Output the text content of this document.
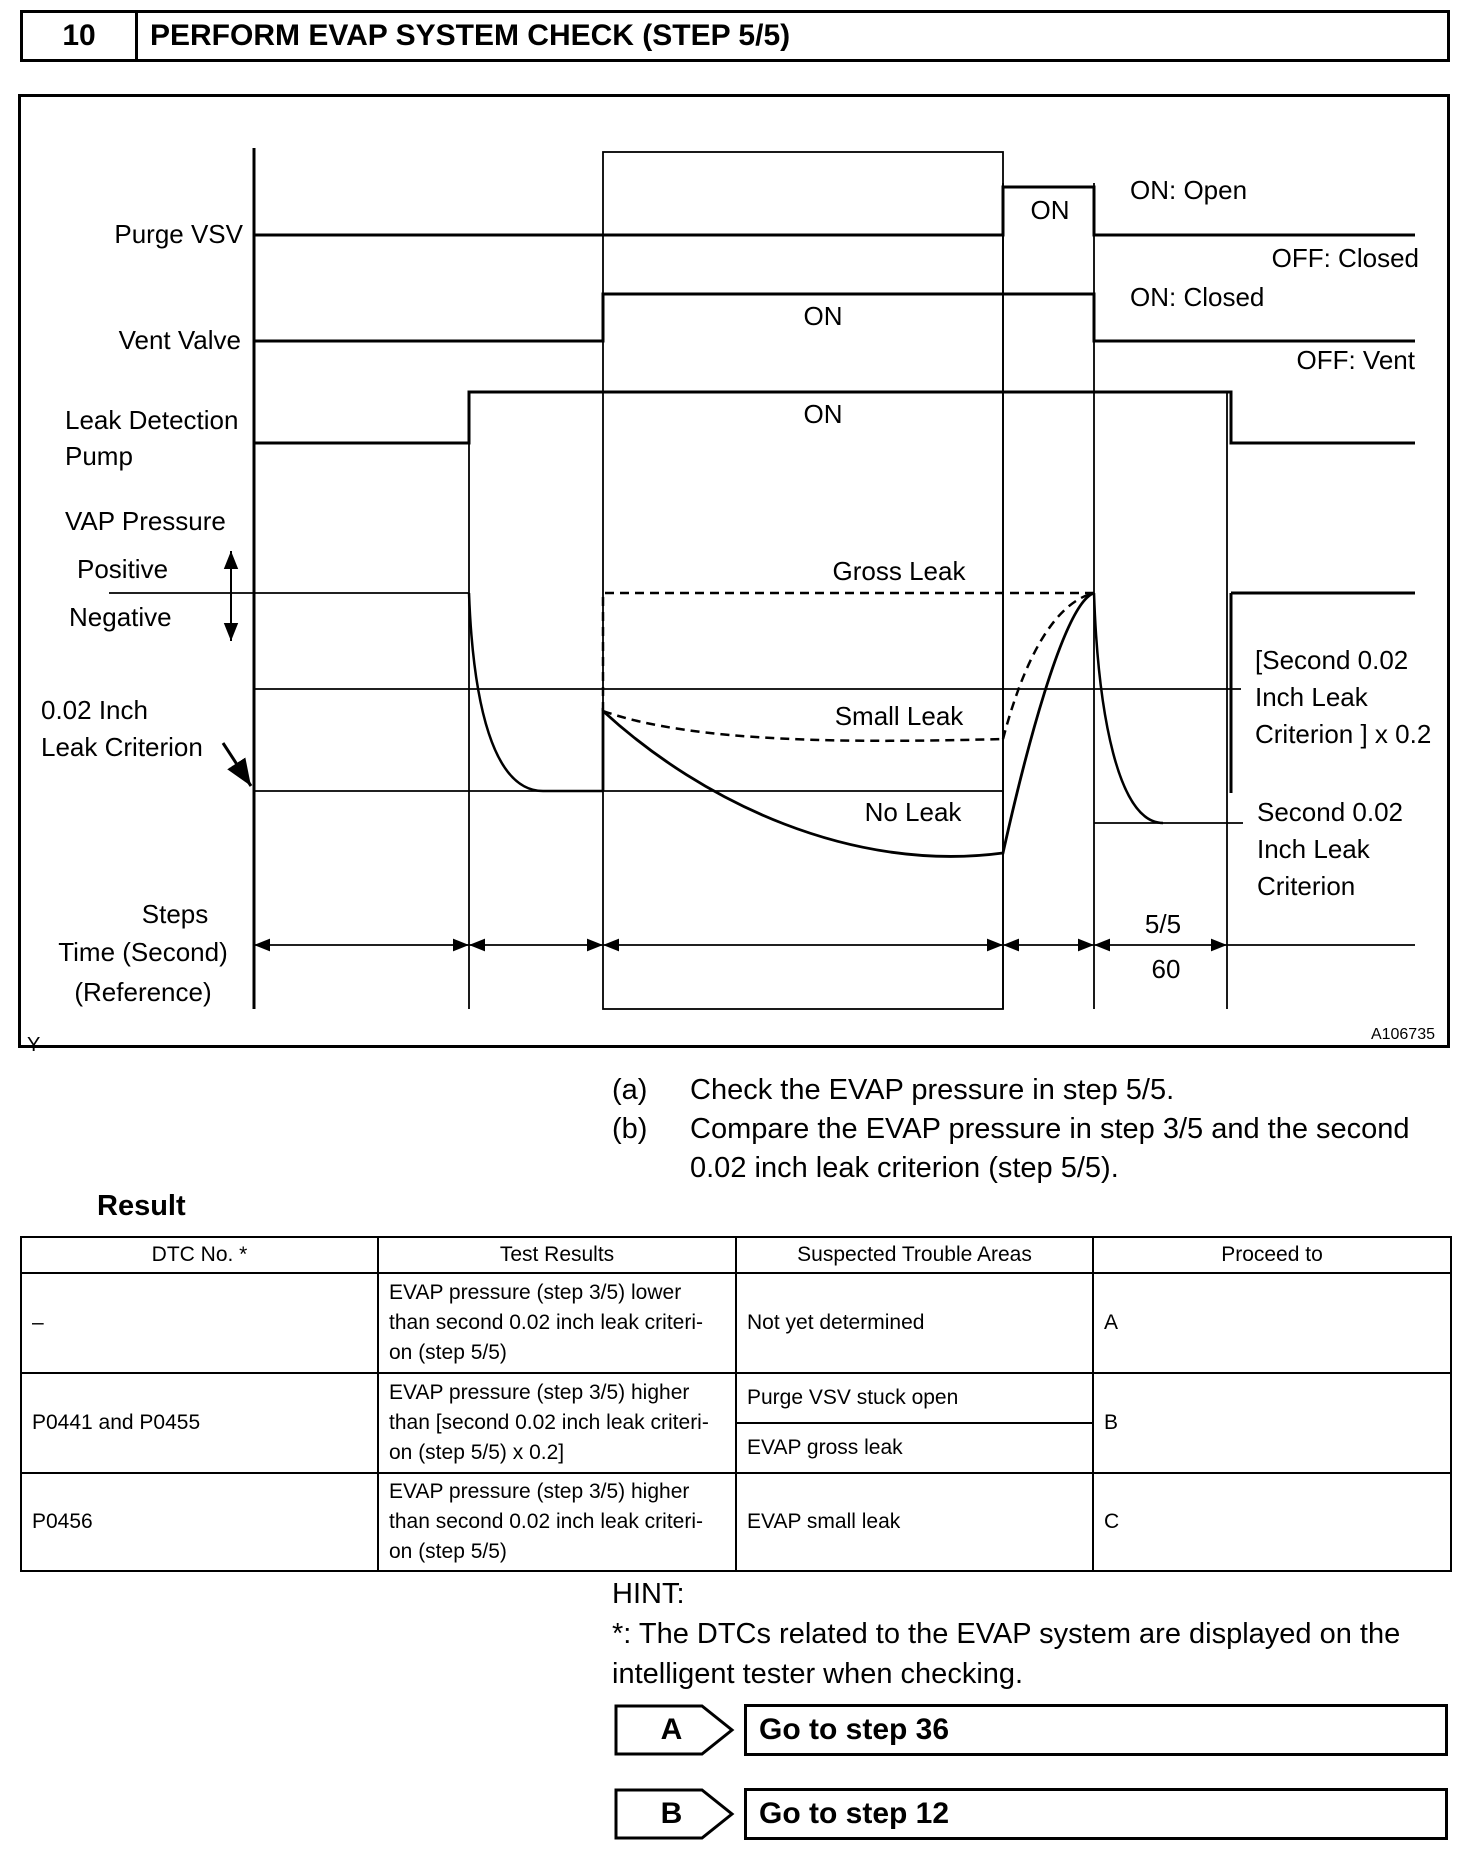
10	PERFORM EVAP SYSTEM CHECK (STEP 5/5)
Purge VSV
Vent Valve
Leak Detection
Pump
VAP Pressure
Positive
Negative
0.02 Inch
Leak Criterion
Steps
Time (Second)
(Reference)
ON
ON: Open
OFF: Closed
ON
ON: Closed
OFF: Vent
ON
Gross Leak
Small Leak
No Leak
[Second 0.02
Inch Leak
Criterion ] x 0.2
Second 0.02
Inch Leak
Criterion
5/5
60
Y	A106735
(a) Check the EVAP pressure in step 5/5.
(b) Compare the EVAP pressure in step 3/5 and the second 0.02 inch leak criterion (step 5/5).
Result
DTC No. *	Test Results	Suspected Trouble Areas	Proceed to
–	EVAP pressure (step 3/5) lower than second 0.02 inch leak criteri-on (step 5/5)	Not yet determined	A
P0441 and P0455	EVAP pressure (step 3/5) higher than [second 0.02 inch leak criteri-on (step 5/5) x 0.2]	Purge VSV stuck open	B
		EVAP gross leak	
P0456	EVAP pressure (step 3/5) higher than second 0.02 inch leak criteri-on (step 5/5)	EVAP small leak	C
HINT:
*: The DTCs related to the EVAP system are displayed on the intelligent tester when checking.
A	Go to step 36
B	Go to step 12
